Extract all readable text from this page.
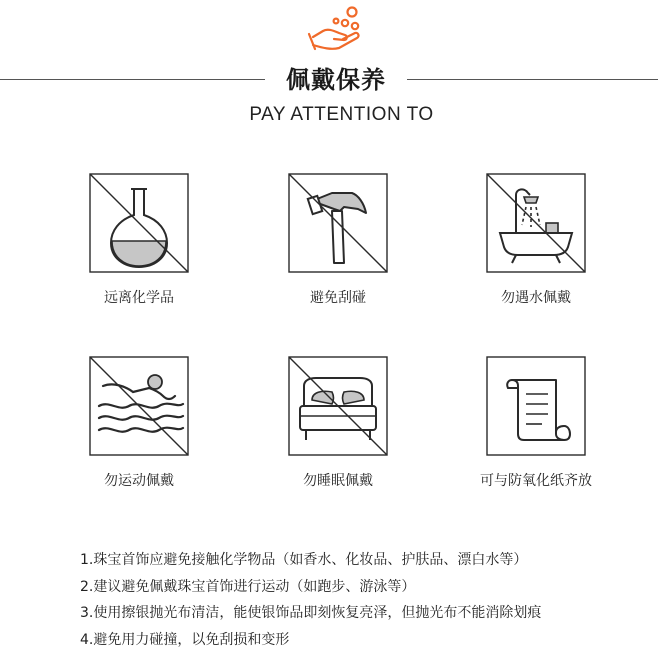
佩戴保养
PAY ATTENTION TO
远离化学品	避免刮碰	勿遇水佩戴
勿运动佩戴	勿睡眠佩戴	可与防氧化纸齐放
1.珠宝首饰应避免接触化学物品（如香水、化妆品、护肤品、漂白水等）
2.建议避免佩戴珠宝首饰进行运动（如跑步、游泳等）
3.使用擦银抛光布清洁，能使银饰品即刻恢复亮泽，但抛光布不能消除划痕
4.避免用力碰撞，以免刮损和变形
